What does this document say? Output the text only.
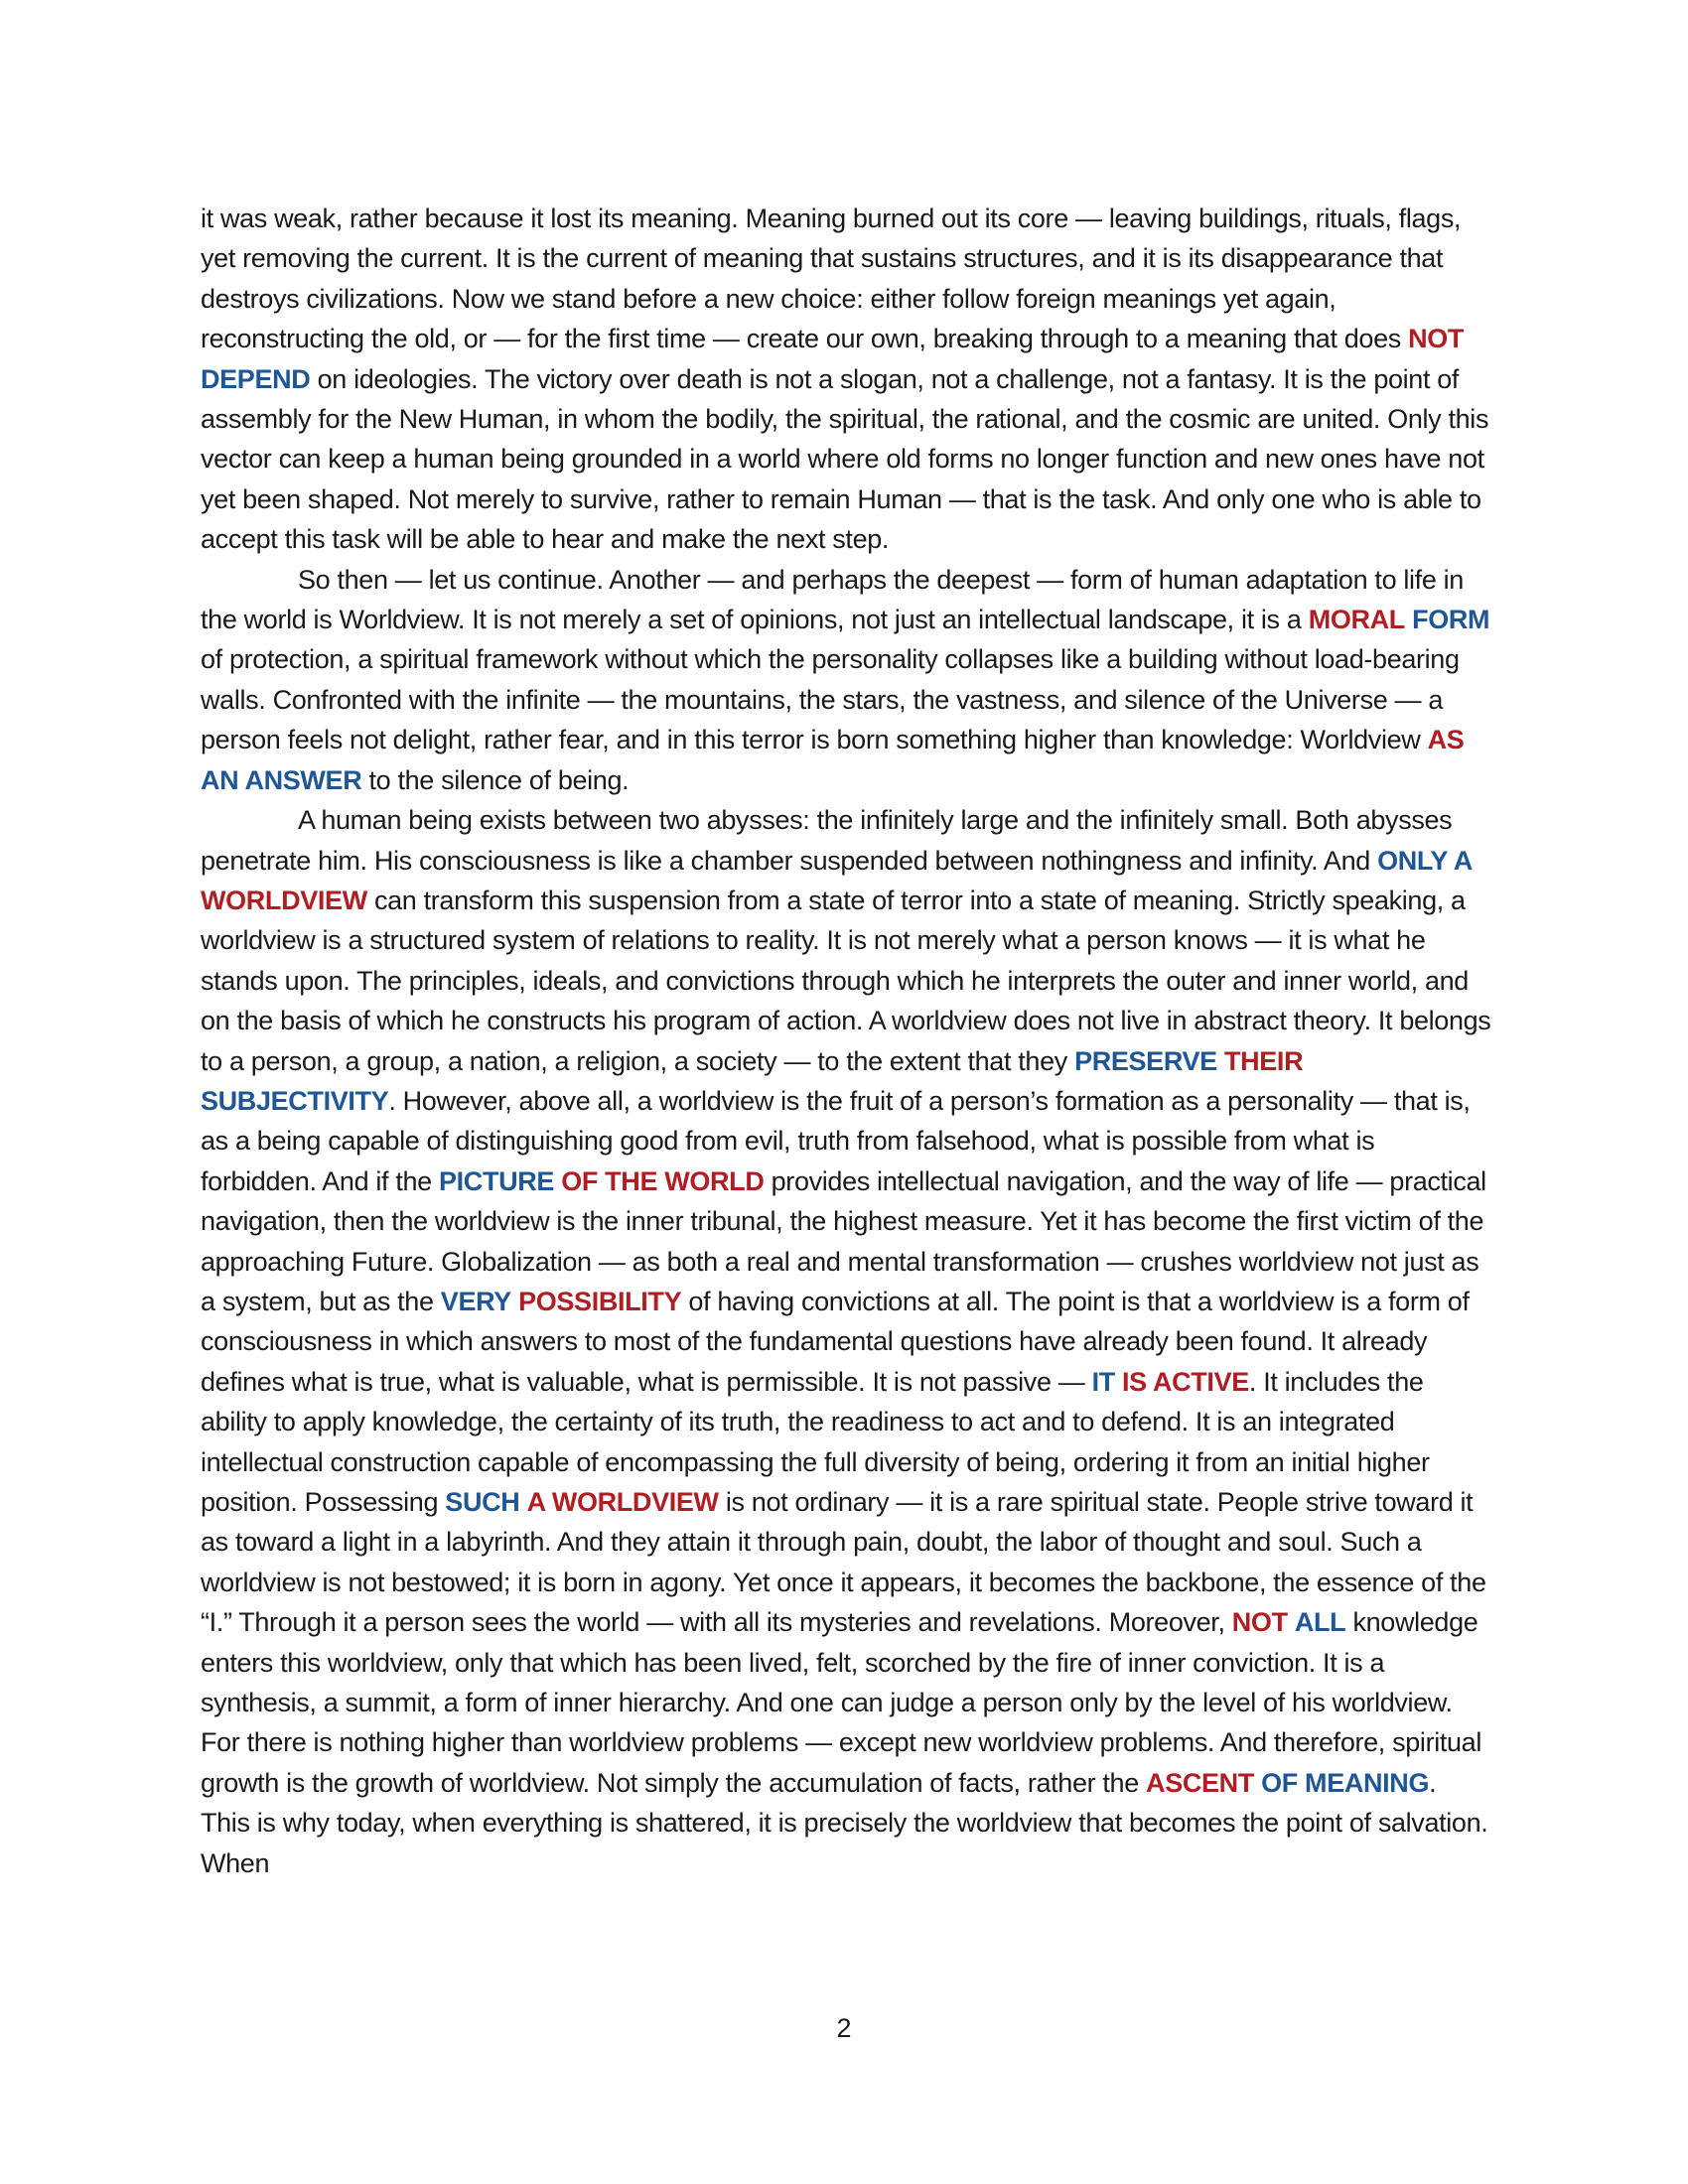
it was weak, rather because it lost its meaning. Meaning burned out its core — leaving buildings, rituals, flags, yet removing the current. It is the current of meaning that sustains structures, and it is its disappearance that destroys civilizations. Now we stand before a new choice: either follow foreign meanings yet again, reconstructing the old, or — for the first time — create our own, breaking through to a meaning that does NOT DEPEND on ideologies. The victory over death is not a slogan, not a challenge, not a fantasy. It is the point of assembly for the New Human, in whom the bodily, the spiritual, the rational, and the cosmic are united. Only this vector can keep a human being grounded in a world where old forms no longer function and new ones have not yet been shaped. Not merely to survive, rather to remain Human — that is the task. And only one who is able to accept this task will be able to hear and make the next step.

So then — let us continue. Another — and perhaps the deepest — form of human adaptation to life in the world is Worldview. It is not merely a set of opinions, not just an intellectual landscape, it is a MORAL FORM of protection, a spiritual framework without which the personality collapses like a building without load-bearing walls. Confronted with the infinite — the mountains, the stars, the vastness, and silence of the Universe — a person feels not delight, rather fear, and in this terror is born something higher than knowledge: Worldview AS AN ANSWER to the silence of being.

A human being exists between two abysses: the infinitely large and the infinitely small. Both abysses penetrate him. His consciousness is like a chamber suspended between nothingness and infinity. And ONLY A WORLDVIEW can transform this suspension from a state of terror into a state of meaning. Strictly speaking, a worldview is a structured system of relations to reality. It is not merely what a person knows — it is what he stands upon. The principles, ideals, and convictions through which he interprets the outer and inner world, and on the basis of which he constructs his program of action. A worldview does not live in abstract theory. It belongs to a person, a group, a nation, a religion, a society — to the extent that they PRESERVE THEIR SUBJECTIVITY. However, above all, a worldview is the fruit of a person’s formation as a personality — that is, as a being capable of distinguishing good from evil, truth from falsehood, what is possible from what is forbidden. And if the PICTURE OF THE WORLD provides intellectual navigation, and the way of life — practical navigation, then the worldview is the inner tribunal, the highest measure. Yet it has become the first victim of the approaching Future. Globalization — as both a real and mental transformation — crushes worldview not just as a system, but as the VERY POSSIBILITY of having convictions at all. The point is that a worldview is a form of consciousness in which answers to most of the fundamental questions have already been found. It already defines what is true, what is valuable, what is permissible. It is not passive — IT IS ACTIVE. It includes the ability to apply knowledge, the certainty of its truth, the readiness to act and to defend. It is an integrated intellectual construction capable of encompassing the full diversity of being, ordering it from an initial higher position. Possessing SUCH A WORLDVIEW is not ordinary — it is a rare spiritual state. People strive toward it as toward a light in a labyrinth. And they attain it through pain, doubt, the labor of thought and soul. Such a worldview is not bestowed; it is born in agony. Yet once it appears, it becomes the backbone, the essence of the “I.” Through it a person sees the world — with all its mysteries and revelations. Moreover, NOT ALL knowledge enters this worldview, only that which has been lived, felt, scorched by the fire of inner conviction. It is a synthesis, a summit, a form of inner hierarchy. And one can judge a person only by the level of his worldview. For there is nothing higher than worldview problems — except new worldview problems. And therefore, spiritual growth is the growth of worldview. Not simply the accumulation of facts, rather the ASCENT OF MEANING. This is why today, when everything is shattered, it is precisely the worldview that becomes the point of salvation. When

2
